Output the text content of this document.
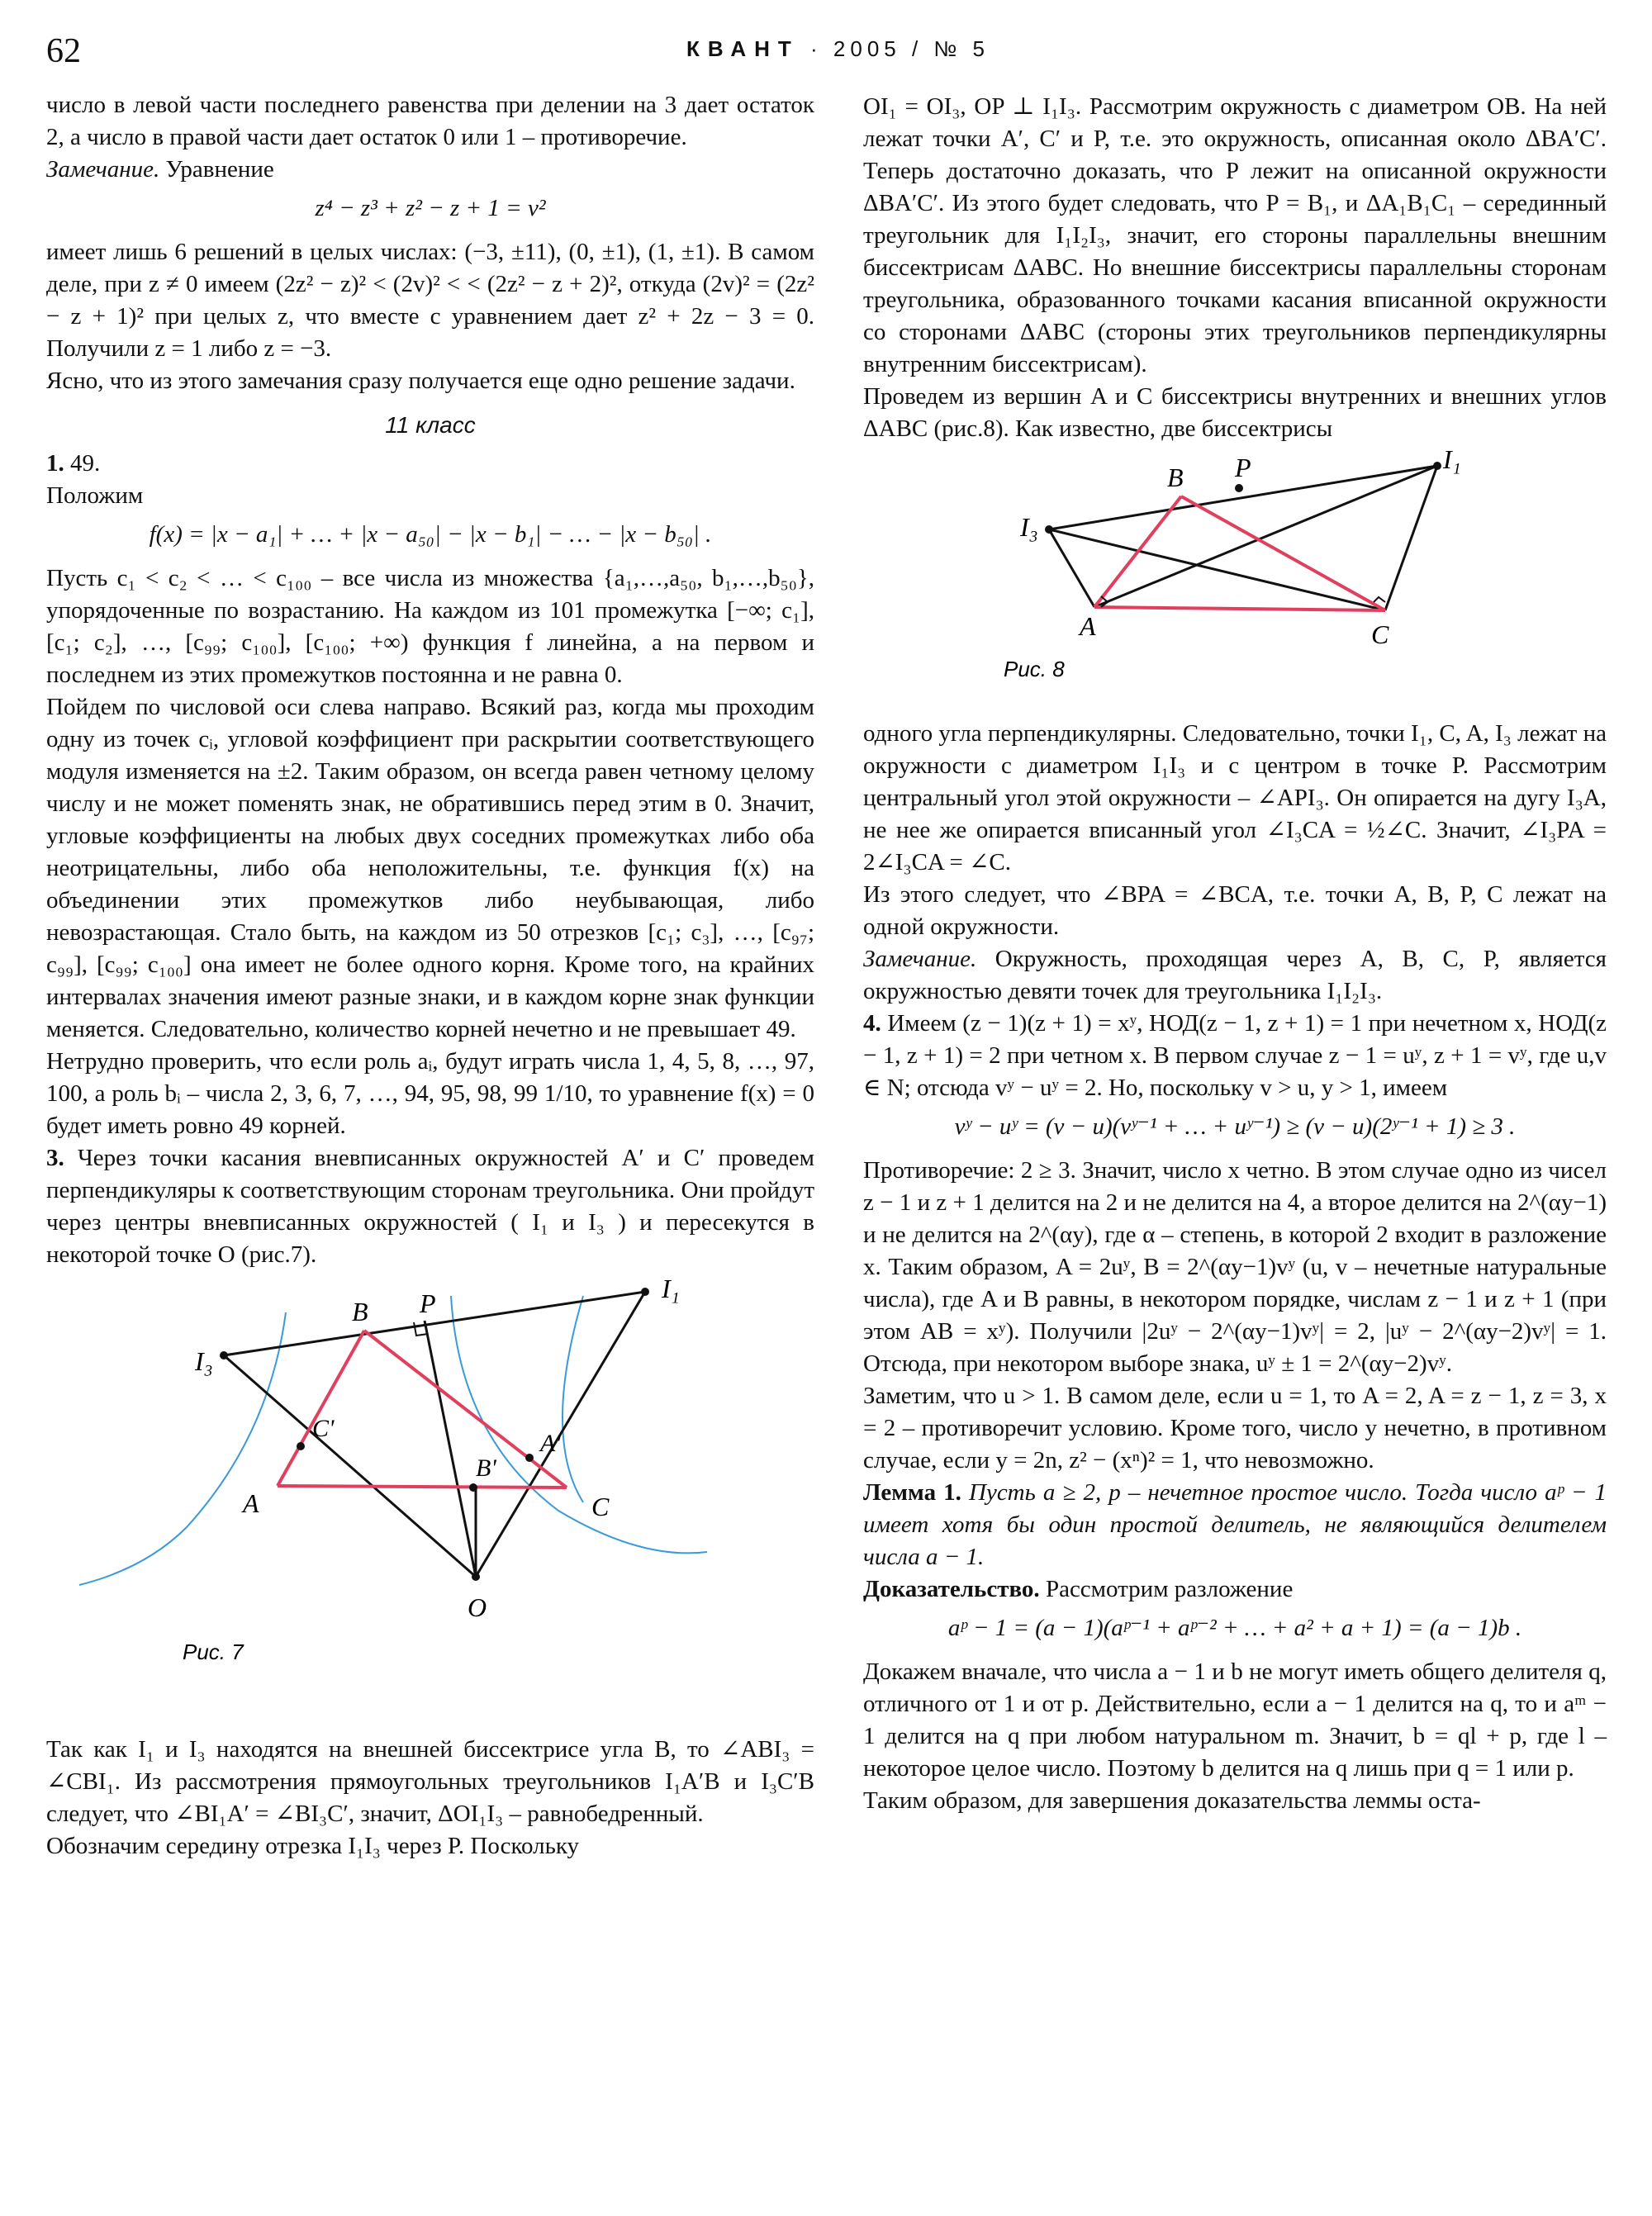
62	КВАНТ · 2005 / № 5

число в левой части последнего равенства при делении на 3 дает остаток 2, а число в правой части дает остаток 0 или 1 – противоречие.

Замечание. Уравнение

z⁴ − z³ + z² − z + 1 = v²

имеет лишь 6 решений в целых числах: (−3, ±11), (0, ±1), (1, ±1). В самом деле, при z ≠ 0 имеем (2z² − z)² < (2v)² < < (2z² − z + 2)², откуда (2v)² = (2z² − z + 1)² при целых z, что вместе с уравнением дает z² + 2z − 3 = 0. Получили z = 1 либо z = −3.

Ясно, что из этого замечания сразу получается еще одно решение задачи.

11 класс

1. 49.

Положим

f(x) = |x − a₁| + … + |x − a₅₀| − |x − b₁| − … − |x − b₅₀| .

Пусть c₁ < c₂ < … < c₁₀₀ – все числа из множества {a₁,…,a₅₀, b₁,…,b₅₀}, упорядоченные по возрастанию. На каждом из 101 промежутка [−∞; c₁], [c₁; c₂], …, [c₉₉; c₁₀₀], [c₁₀₀; +∞) функция f линейна, а на первом и последнем из этих промежутков постоянна и не равна 0.

Пойдем по числовой оси слева направо. Всякий раз, когда мы проходим одну из точек cᵢ, угловой коэффициент при раскрытии соответствующего модуля изменяется на ±2. Таким образом, он всегда равен четному целому числу и не может поменять знак, не обратившись перед этим в 0. Значит, угловые коэффициенты на любых двух соседних промежутках либо оба неотрицательны, либо оба неположительны, т.е. функция f(x) на объединении этих промежутков либо неубывающая, либо невозрастающая. Стало быть, на каждом из 50 отрезков [c₁; c₃], …, [c₉₇; c₉₉], [c₉₉; c₁₀₀] она имеет не более одного корня. Кроме того, на крайних интервалах значения имеют разные знаки, и в каждом корне знак функции меняется. Следовательно, количество корней нечетно и не превышает 49.

Нетрудно проверить, что если роль aᵢ, будут играть числа 1, 4, 5, 8, …, 97, 100, а роль bᵢ – числа 2, 3, 6, 7, …, 94, 95, 98, 99 1/10, то уравнение f(x) = 0 будет иметь ровно 49 корней.

3. Через точки касания вневписанных окружностей A′ и C′ проведем перпендикуляры к соответствующим сторонам треугольника. Они пройдут через центры вневписанных окружностей ( I₁ и I₃ ) и пересекутся в некоторой точке O (рис.7).

I₁
I₃
B P
C'
B'
A'
A	C
O
Рис. 7

Так как I₁ и I₃ находятся на внешней биссектрисе угла B, то ∠ABI₃ = ∠CBI₁. Из рассмотрения прямоугольных треугольников I₁A′B и I₃C′B следует, что ∠BI₁A′ = ∠BI₃C′, значит, ΔOI₁I₃ – равнобедренный.

Обозначим середину отрезка I₁I₃ через P. Поскольку

OI₁ = OI₃, OP ⊥ I₁I₃. Рассмотрим окружность с диаметром OB. На ней лежат точки A′, C′ и P, т.е. это окружность, описанная около ΔBA′C′. Теперь достаточно доказать, что P лежит на описанной окружности ΔBA′C′. Из этого будет следовать, что P = B₁, и ΔA₁B₁C₁ – серединный треугольник для I₁I₂I₃, значит, его стороны параллельны внешним биссектрисам ΔABC. Но внешние биссектрисы параллельны сторонам треугольника, образованного точками касания вписанной окружности со сторонами ΔABC (стороны этих треугольников перпендикулярны внутренним биссектрисам).

Проведем из вершин A и C биссектрисы внутренних и внешних углов ΔABC (рис.8). Как известно, две биссектрисы

I₁
I₃
B P
A	C
Рис. 8

одного угла перпендикулярны. Следовательно, точки I₁, C, A, I₃ лежат на окружности с диаметром I₁I₃ и с центром в точке P. Рассмотрим центральный угол этой окружности – ∠API₃. Он опирается на дугу I₃A, не нее же опирается вписанный угол ∠I₃CA = ½∠C. Значит, ∠I₃PA = 2∠I₃CA = ∠C.

Из этого следует, что ∠BPA = ∠BCA, т.е. точки A, B, P, C лежат на одной окружности.

Замечание. Окружность, проходящая через A, B, C, P, является окружностью девяти точек для треугольника I₁I₂I₃.

4. Имеем (z − 1)(z + 1) = xʸ, НОД(z − 1, z + 1) = 1 при нечетном x, НОД(z − 1, z + 1) = 2 при четном x. В первом случае z − 1 = uʸ, z + 1 = vʸ, где u,v ∈ N; отсюда vʸ − uʸ = 2. Но, поскольку v > u, y > 1, имеем

vʸ − uʸ = (v − u)(vʸ⁻¹ + … + uʸ⁻¹) ≥ (v − u)(2ʸ⁻¹ + 1) ≥ 3 .

Противоречие: 2 ≥ 3. Значит, число x четно. В этом случае одно из чисел z − 1 и z + 1 делится на 2 и не делится на 4, а второе делится на 2^(αy−1) и не делится на 2^(αy), где α – степень, в которой 2 входит в разложение x. Таким образом, A = 2uʸ, B = 2^(αy−1)vʸ (u, v – нечетные натуральные числа), где A и B равны, в некотором порядке, числам z − 1 и z + 1 (при этом AB = xʸ). Получили |2uʸ − 2^(αy−1)vʸ| = 2, |uʸ − 2^(αy−2)vʸ| = 1. Отсюда, при некотором выборе знака, uʸ ± 1 = 2^(αy−2)vʸ.

Заметим, что u > 1. В самом деле, если u = 1, то A = 2, A = z − 1, z = 3, x = 2 – противоречит условию. Кроме того, число y нечетно, в противном случае, если y = 2n, z² − (xⁿ)² = 1, что невозможно.

Лемма 1. Пусть a ≥ 2, p – нечетное простое число. Тогда число aᵖ − 1 имеет хотя бы один простой делитель, не являющийся делителем числа a − 1.

Доказательство. Рассмотрим разложение

aᵖ − 1 = (a − 1)(aᵖ⁻¹ + aᵖ⁻² + … + a² + a + 1) = (a − 1)b .

Докажем вначале, что числа a − 1 и b не могут иметь общего делителя q, отличного от 1 и от p. Действительно, если a − 1 делится на q, то и aᵐ − 1 делится на q при любом натуральном m. Значит, b = ql + p, где l – некоторое целое число. Поэтому b делится на q лишь при q = 1 или p.

Таким образом, для завершения доказательства леммы оста-
